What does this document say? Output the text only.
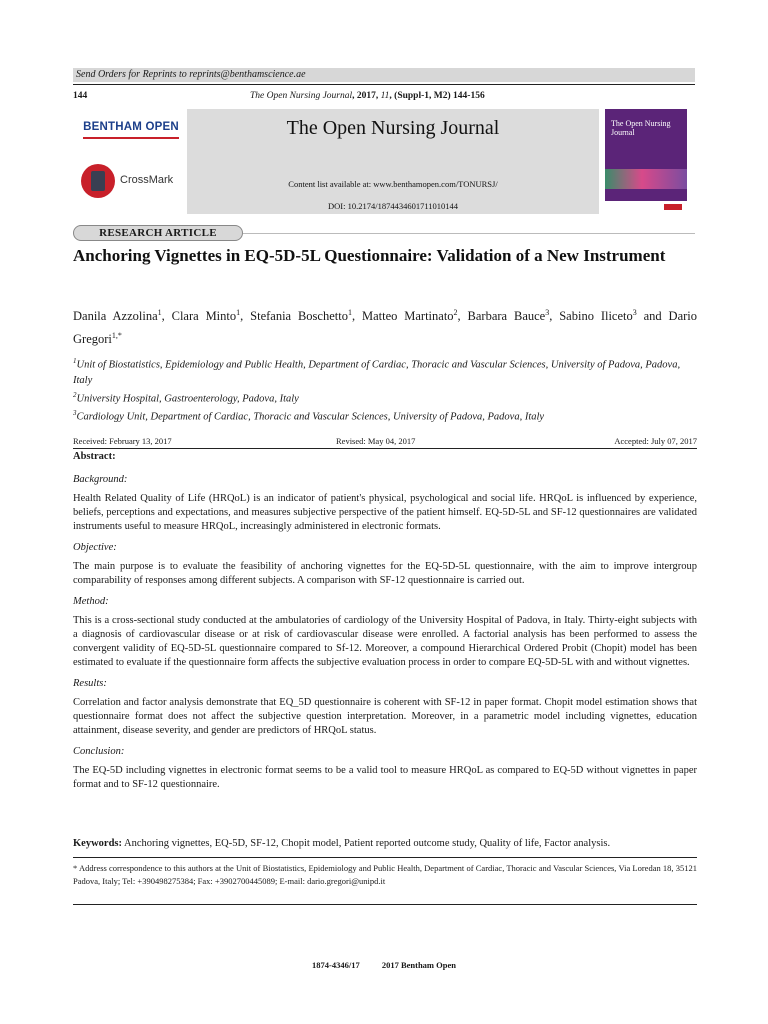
Send Orders for Reprints to reprints@benthamscience.ae
144	The Open Nursing Journal, 2017, 11, (Suppl-1, M2) 144-156
BENTHAM OPEN
CrossMark
The Open Nursing Journal
Content list available at: www.benthamopen.com/TONURSJ/
DOI: 10.2174/1874434601711010144
The Open Nursing Journal
RESEARCH ARTICLE
Anchoring Vignettes in EQ-5D-5L Questionnaire: Validation of a New Instrument
Danila Azzolina$^1$, Clara Minto$^1$, Stefania Boschetto$^1$, Matteo Martinato$^2$, Barbara Bauce$^3$, Sabino Iliceto$^3$ and Dario Gregori$^{1,*}$
$^1$Unit of Biostatistics, Epidemiology and Public Health, Department of Cardiac, Thoracic and Vascular Sciences, University of Padova, Padova, Italy
$^2$University Hospital, Gastroenterology, Padova, Italy
$^3$Cardiology Unit, Department of Cardiac, Thoracic and Vascular Sciences, University of Padova, Padova, Italy
Received: February 13, 2017	Revised: May 04, 2017	Accepted: July 07, 2017
Abstract:
Background:
Health Related Quality of Life (HRQoL) is an indicator of patient's physical, psychological and social life. HRQoL is influenced by experience, beliefs, perceptions and expectations, and measures subjective perspective of the patient himself. EQ-5D-5L and SF-12 questionnaires are validated instruments useful to measure HRQoL, increasingly administered in electronic formats.
Objective:
The main purpose is to evaluate the feasibility of anchoring vignettes for the EQ-5D-5L questionnaire, with the aim to improve intergroup comparability of responses among different subjects. A comparison with SF-12 questionnaire is carried out.
Method:
This is a cross-sectional study conducted at the ambulatories of cardiology of the University Hospital of Padova, in Italy. Thirty-eight subjects with a diagnosis of cardiovascular disease or at risk of cardiovascular disease were enrolled. A factorial analysis has been performed to assess the convergent validity of EQ-5D-5L questionnaire compared to Sf-12. Moreover, a compound Hierarchical Ordered Probit (Chopit) model has been estimated to evaluate if the questionnaire form affects the subjective evaluation process in order to compare EQ-5D-5L with and without vignettes.
Results:
Correlation and factor analysis demonstrate that EQ_5D questionnaire is coherent with SF-12 in paper format. Chopit model estimation shows that questionnaire format does not affect the subjective question interpretation. Moreover, in a parametric model including vignettes, education attainment, disease severity, and gender are predictors of HRQoL status.
Conclusion:
The EQ-5D including vignettes in electronic format seems to be a valid tool to measure HRQoL as compared to EQ-5D without vignettes in paper format and to SF-12 questionnaire.
Keywords: Anchoring vignettes, EQ-5D, SF-12, Chopit model, Patient reported outcome study, Quality of life, Factor analysis.
* Address correspondence to this authors at the Unit of Biostatistics, Epidemiology and Public Health, Department of Cardiac, Thoracic and Vascular Sciences, Via Loredan 18, 35121 Padova, Italy; Tel: +390498275384; Fax: +3902700445089; E-mail: dario.gregori@unipd.it
1874-4346/17	2017 Bentham Open
